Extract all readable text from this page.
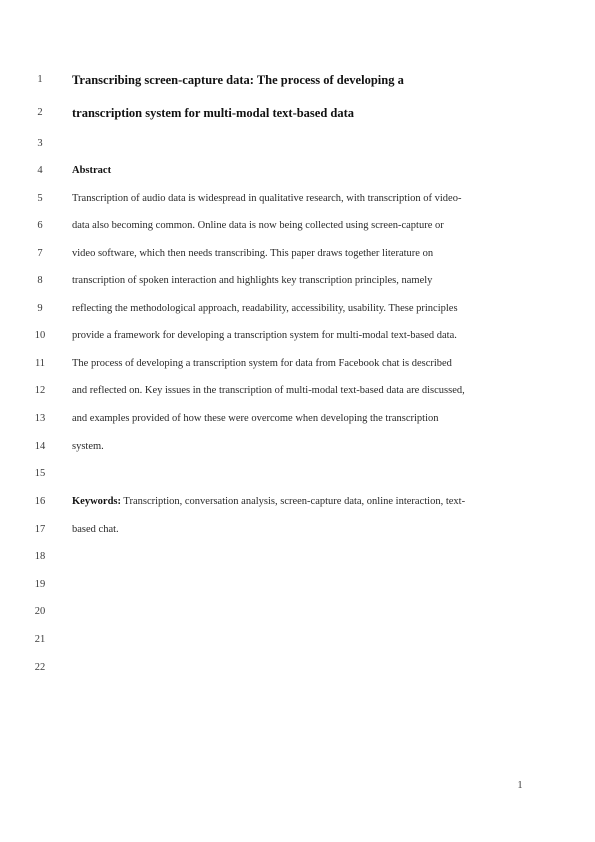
1	Transcribing screen-capture data: The process of developing a
2	transcription system for multi-modal text-based data
3
4	Abstract
5	Transcription of audio data is widespread in qualitative research, with transcription of video-
6	data also becoming common. Online data is now being collected using screen-capture or
7	video software, which then needs transcribing. This paper draws together literature on
8	transcription of spoken interaction and highlights key transcription principles, namely
9	reflecting the methodological approach, readability, accessibility, usability. These principles
10	provide a framework for developing a transcription system for multi-modal text-based data.
11	The process of developing a transcription system for data from Facebook chat is described
12	and reflected on. Key issues in the transcription of multi-modal text-based data are discussed,
13	and examples provided of how these were overcome when developing the transcription
14	system.
15
16	Keywords: Transcription, conversation analysis, screen-capture data, online interaction, text-
17	based chat.
18
19
20
21
22
1
